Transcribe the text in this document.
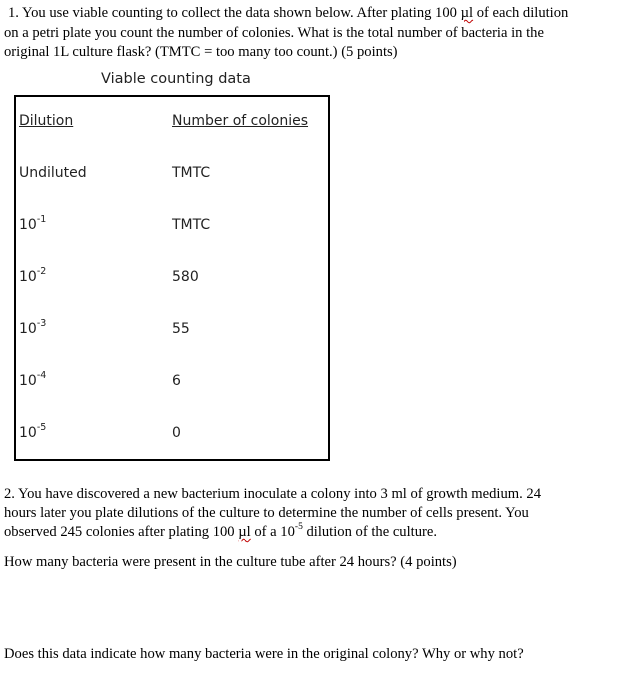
1. You use viable counting to collect the data shown below. After plating 100 µl of each dilution
on a petri plate you count the number of colonies. What is the total number of bacteria in the
original 1L culture flask? (TMTC = too many too count.) (5 points)
Viable counting data
Dilution	Number of colonies
Undiluted	TMTC
$10^{-1}$	TMTC
$10^{-2}$	580
$10^{-3}$	55
$10^{-4}$	6
$10^{-5}$	0
2. You have discovered a new bacterium inoculate a colony into 3 ml of growth medium. 24
hours later you plate dilutions of the culture to determine the number of cells present. You
observed 245 colonies after plating 100 µl of a $10^{-5}$ dilution of the culture.
How many bacteria were present in the culture tube after 24 hours? (4 points)
Does this data indicate how many bacteria were in the original colony? Why or why not?
